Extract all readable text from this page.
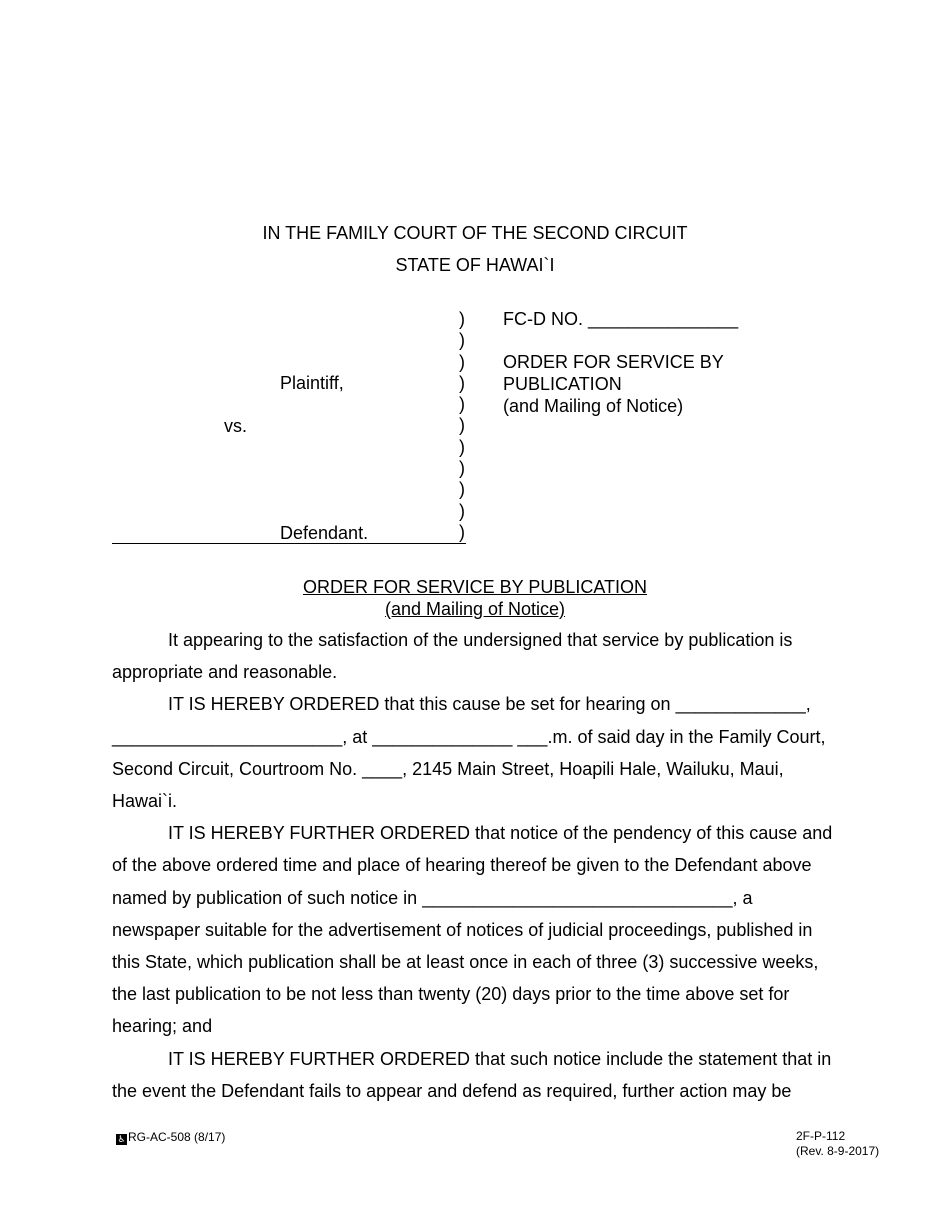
IN THE FAMILY COURT OF THE SECOND CIRCUIT
STATE OF HAWAI`I
Plaintiff,
vs.
Defendant.
)
)
)
)
)
)
)
)
)
)
)
FC-D NO. _______________
ORDER FOR SERVICE BY
PUBLICATION
(and Mailing of Notice)
ORDER FOR SERVICE BY PUBLICATION
(and Mailing of Notice)

It appearing to the satisfaction of the undersigned that service by publication is appropriate and reasonable.

IT IS HEREBY ORDERED that this cause be set for hearing on _____________, _______________________, at ______________ ___.m. of said day in the Family Court, Second Circuit, Courtroom No. ____, 2145 Main Street, Hoapili Hale, Wailuku, Maui, Hawai`i.

IT IS HEREBY FURTHER ORDERED that notice of the pendency of this cause and of the above ordered time and place of hearing thereof be given to the Defendant above named by publication of such notice in _______________________________, a newspaper suitable for the advertisement of notices of judicial proceedings, published in this State, which publication shall be at least once in each of three (3) successive weeks, the last publication to be not less than twenty (20) days prior to the time above set for hearing; and

IT IS HEREBY FURTHER ORDERED that such notice include the statement that in the event the Defendant fails to appear and defend as required, further action may be

♿ RG-AC-508 (8/17)	2F-P-112
(Rev. 8-9-2017)
